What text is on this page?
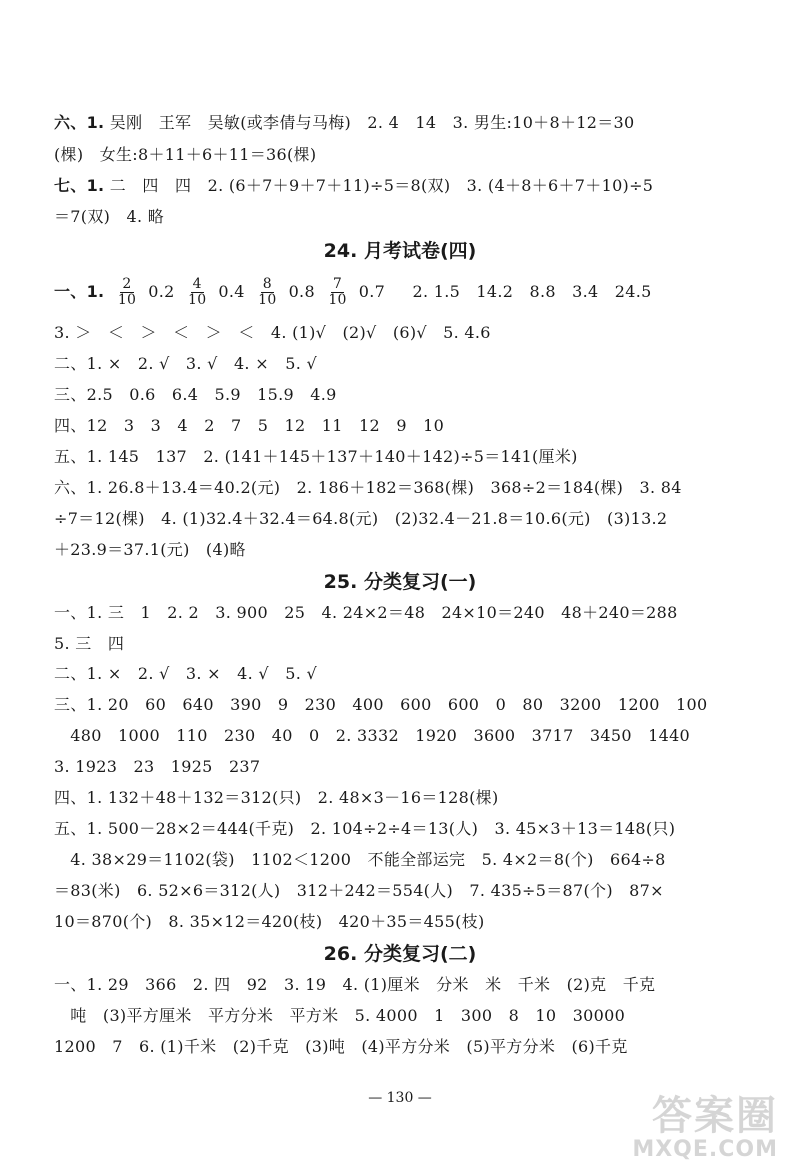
六、1. 吴刚　王军　吴敏(或李倩与马梅)　2. 4　14　3. 男生:10＋8＋12＝30
(棵)　女生:8＋11＋6＋11＝36(棵)
七、1. 二　四　四　2. (6＋7＋9＋7＋11)÷5＝8(双)　3. (4＋8＋6＋7＋10)÷5
＝7(双)　4. 略
24. 月考试卷(四)
一、1. $\frac{2}{10} 0.2 \frac{4}{10} 0.4 \frac{8}{10} 0.8 \frac{7}{10} 0.7$ 2. 1.5　14.2　8.8　3.4　24.5
3. ＞　＜　＞　＜　＞　＜　4. (1)√　(2)√　(6)√　5. 4.6
二、1. ×　2. √　3. √　4. ×　5. √
三、2.5　0.6　6.4　5.9　15.9　4.9
四、12　3　3　4　2　7　5　12　11　12　9　10
五、1. 145　137　2. (141＋145＋137＋140＋142)÷5＝141(厘米)
六、1. 26.8＋13.4＝40.2(元)　2. 186＋182＝368(棵)　368÷2＝184(棵)　3. 84
÷7＝12(棵)　4. (1)32.4＋32.4＝64.8(元)　(2)32.4－21.8＝10.6(元)　(3)13.2
＋23.9＝37.1(元)　(4)略
25. 分类复习(一)
一、1. 三　1　2. 2　3. 900　25　4. 24×2＝48　24×10＝240　48＋240＝288
5. 三　四
二、1. ×　2. √　3. ×　4. √　5. √
三、1. 20　60　640　390　9　230　400　600　600　0　80　3200　1200　100
　480　1000　110　230　40　0　2. 3332　1920　3600　3717　3450　1440
3. 1923　23　1925　237
四、1. 132＋48＋132＝312(只)　2. 48×3－16＝128(棵)
五、1. 500－28×2＝444(千克)　2. 104÷2÷4＝13(人)　3. 45×3＋13＝148(只)
　4. 38×29＝1102(袋)　1102＜1200　不能全部运完　5. 4×2＝8(个)　664÷8
＝83(米)　6. 52×6＝312(人)　312＋242＝554(人)　7. 435÷5＝87(个)　87×
10＝870(个)　8. 35×12＝420(枝)　420＋35＝455(枝)
26. 分类复习(二)
一、1. 29　366　2. 四　92　3. 19　4. (1)厘米　分米　米　千米　(2)克　千克
　吨　(3)平方厘米　平方分米　平方米　5. 4000　1　300　8　10　30000
1200　7　6. (1)千米　(2)千克　(3)吨　(4)平方分米　(5)平方分米　(6)千克
— 130 —	答案圈
MXQE.COM
